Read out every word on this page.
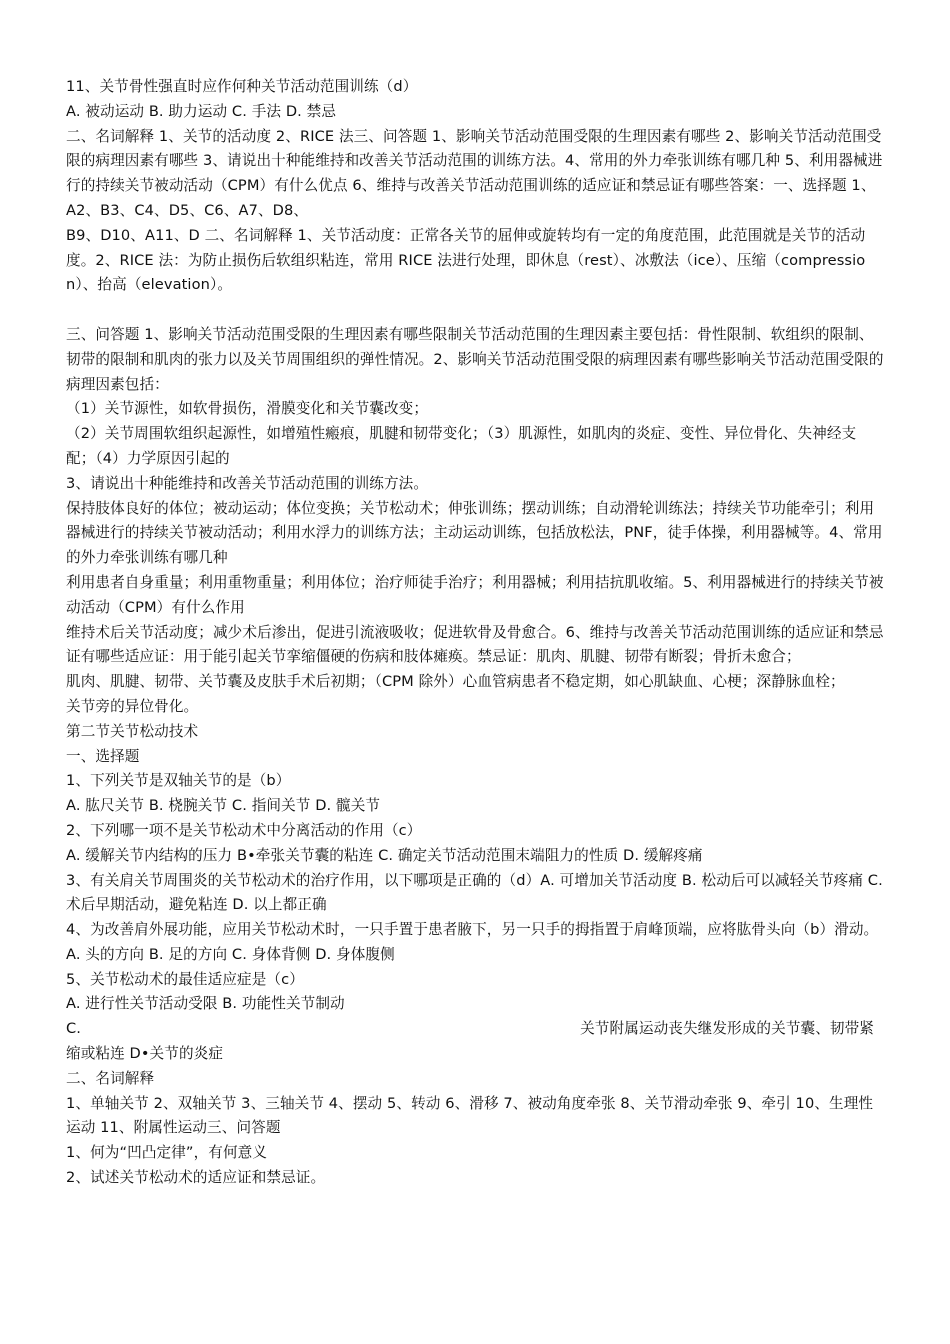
11、关节骨性强直时应作何种关节活动范围训练（d）

A. 被动运动 B. 助力运动 C. 手法 D. 禁忌

二、名词解释 1、关节的活动度 2、RICE 法三、问答题 1、影响关节活动范围受限的生理因素有哪些 2、影响关节活动范围受限的病理因素有哪些 3、请说出十种能维持和改善关节活动范围的训练方法。4、常用的外力牵张训练有哪几种 5、利用器械进行的持续关节被动活动（CPM）有什么优点 6、维持与改善关节活动范围训练的适应证和禁忌证有哪些答案：一、选择题 1、A2、B3、C4、D5、C6、A7、D8、

B9、D10、A11、D 二、名词解释 1、关节活动度：正常各关节的屈伸或旋转均有一定的角度范围，此范围就是关节的活动度。2、RICE 法：为防止损伤后软组织粘连，常用 RICE 法进行处理，即休息（rest）、冰敷法（ice）、压缩（compression）、抬高（elevation）。

三、问答题 1、影响关节活动范围受限的生理因素有哪些限制关节活动范围的生理因素主要包括：骨性限制、软组织的限制、韧带的限制和肌肉的张力以及关节周围组织的弹性情况。2、影响关节活动范围受限的病理因素有哪些影响关节活动范围受限的病理因素包括：

（1）关节源性，如软骨损伤，滑膜变化和关节囊改变；

（2）关节周围软组织起源性，如增殖性瘢痕，肌腱和韧带变化；（3）肌源性，如肌肉的炎症、变性、异位骨化、失神经支配；（4）力学原因引起的

3、请说出十种能维持和改善关节活动范围的训练方法。

保持肢体良好的体位；被动运动；体位变换；关节松动术；伸张训练；摆动训练；自动滑轮训练法；持续关节功能牵引；利用器械进行的持续关节被动活动；利用水浮力的训练方法；主动运动训练，包括放松法，PNF，徒手体操，利用器械等。4、常用的外力牵张训练有哪几种

利用患者自身重量；利用重物重量；利用体位；治疗师徒手治疗；利用器械；利用拮抗肌收缩。5、利用器械进行的持续关节被动活动（CPM）有什么作用

维持术后关节活动度；减少术后渗出，促进引流液吸收；促进软骨及骨愈合。6、维持与改善关节活动范围训练的适应证和禁忌证有哪些适应证：用于能引起关节挛缩僵硬的伤病和肢体瘫痪。禁忌证：肌肉、肌腱、韧带有断裂；骨折未愈合；

肌肉、肌腱、韧带、关节囊及皮肤手术后初期；（CPM 除外）心血管病患者不稳定期，如心肌缺血、心梗；深静脉血栓；

关节旁的异位骨化。

第二节关节松动技术

一、选择题

1、下列关节是双轴关节的是（b）

A. 肱尺关节 B. 桡腕关节 C. 指间关节 D. 髋关节

2、下列哪一项不是关节松动术中分离活动的作用（c）

A. 缓解关节内结构的压力 B•牵张关节囊的粘连 C. 确定关节活动范围末端阻力的性质 D. 缓解疼痛

3、有关肩关节周围炎的关节松动术的治疗作用，以下哪项是正确的（d）A. 可增加关节活动度 B. 松动后可以减轻关节疼痛 C. 术后早期活动，避免粘连 D. 以上都正确

4、为改善肩外展功能，应用关节松动术时，一只手置于患者腋下，另一只手的拇指置于肩峰顶端，应将肱骨头向（b）滑动。

A. 头的方向 B. 足的方向 C. 身体背侧 D. 身体腹侧

5、关节松动术的最佳适应症是（c）

A. 进行性关节活动受限 B. 功能性关节制动

C.	关节附属运动丧失继发形成的关节囊、韧带紧

缩或粘连 D•关节的炎症

二、名词解释

1、单轴关节 2、双轴关节 3、三轴关节 4、摆动 5、转动 6、滑移 7、被动角度牵张 8、关节滑动牵张 9、牵引 10、生理性运动 11、附属性运动三、问答题

1、何为“凹凸定律”，有何意义

2、试述关节松动术的适应证和禁忌证。
